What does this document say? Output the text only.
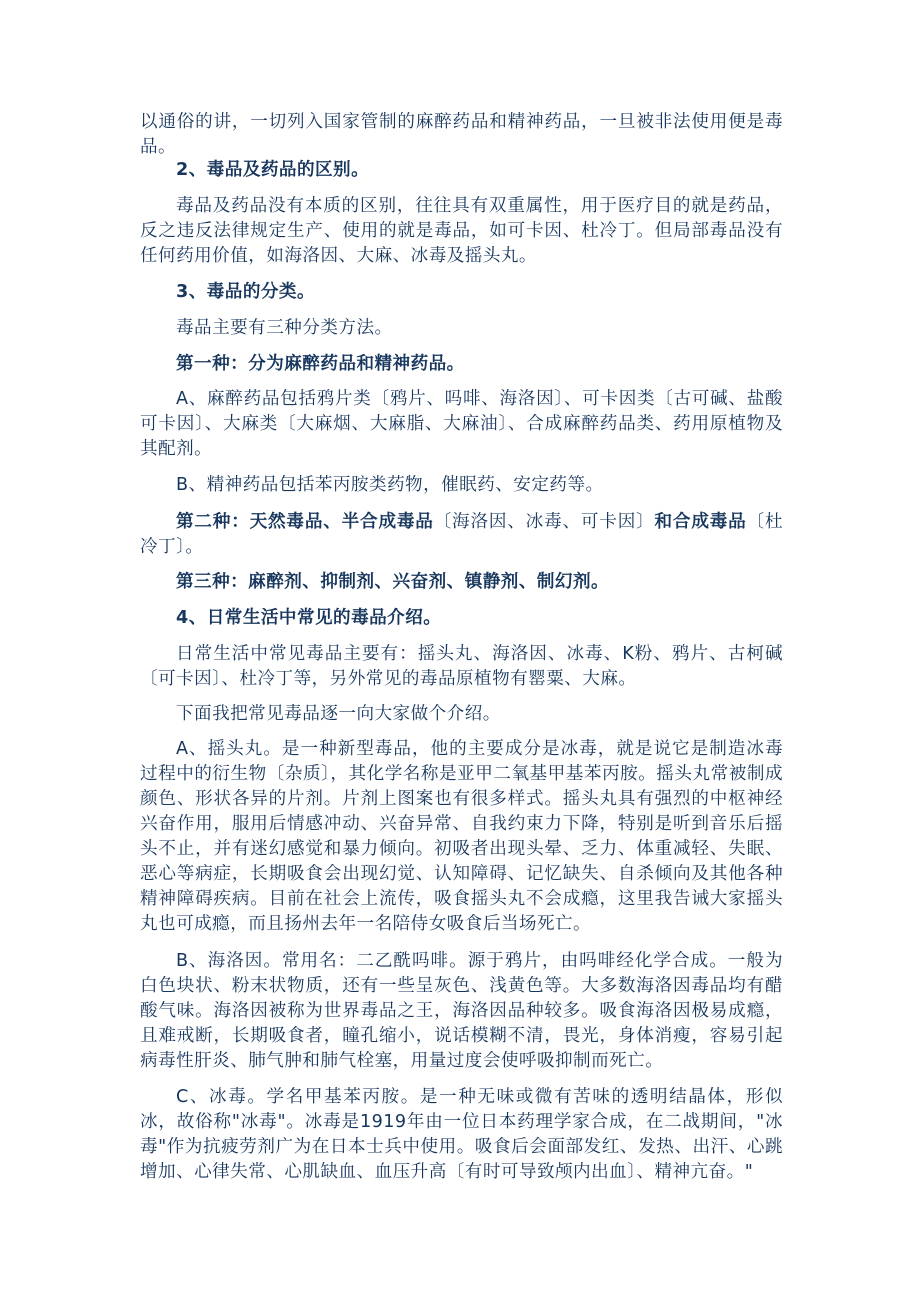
以通俗的讲，一切列入国家管制的麻醉药品和精神药品，一旦被非法使用便是毒品。

2、毒品及药品的区别。

毒品及药品没有本质的区别，往往具有双重属性，用于医疗目的就是药品，反之违反法律规定生产、使用的就是毒品，如可卡因、杜冷丁。但局部毒品没有任何药用价值，如海洛因、大麻、冰毒及摇头丸。

3、毒品的分类。

毒品主要有三种分类方法。

第一种：分为麻醉药品和精神药品。

A、麻醉药品包括鸦片类〔鸦片、吗啡、海洛因〕、可卡因类〔古可碱、盐酸可卡因〕、大麻类〔大麻烟、大麻脂、大麻油〕、合成麻醉药品类、药用原植物及其配剂。

B、精神药品包括苯丙胺类药物，催眠药、安定药等。

第二种：天然毒品、半合成毒品〔海洛因、冰毒、可卡因〕和合成毒品〔杜冷丁〕。

第三种：麻醉剂、抑制剂、兴奋剂、镇静剂、制幻剂。

4、日常生活中常见的毒品介绍。

日常生活中常见毒品主要有：摇头丸、海洛因、冰毒、K粉、鸦片、古柯碱〔可卡因〕、杜冷丁等，另外常见的毒品原植物有罂粟、大麻。

下面我把常见毒品逐一向大家做个介绍。

A、摇头丸。是一种新型毒品，他的主要成分是冰毒，就是说它是制造冰毒过程中的衍生物〔杂质〕，其化学名称是亚甲二氧基甲基苯丙胺。摇头丸常被制成颜色、形状各异的片剂。片剂上图案也有很多样式。摇头丸具有强烈的中枢神经兴奋作用，服用后情感冲动、兴奋异常、自我约束力下降，特别是听到音乐后摇头不止，并有迷幻感觉和暴力倾向。初吸者出现头晕、乏力、体重减轻、失眠、恶心等病症，长期吸食会出现幻觉、认知障碍、记忆缺失、自杀倾向及其他各种精神障碍疾病。目前在社会上流传，吸食摇头丸不会成瘾，这里我告诫大家摇头丸也可成瘾，而且扬州去年一名陪侍女吸食后当场死亡。

B、海洛因。常用名：二乙酰吗啡。源于鸦片，由吗啡经化学合成。一般为白色块状、粉末状物质，还有一些呈灰色、浅黄色等。大多数海洛因毒品均有醋酸气味。海洛因被称为世界毒品之王，海洛因品种较多。吸食海洛因极易成瘾，且难戒断，长期吸食者，瞳孔缩小，说话模糊不清，畏光，身体消瘦，容易引起病毒性肝炎、肺气肿和肺气栓塞，用量过度会使呼吸抑制而死亡。

C、冰毒。学名甲基苯丙胺。是一种无味或微有苦味的透明结晶体，形似冰，故俗称"冰毒"。冰毒是1919年由一位日本药理学家合成，在二战期间，"冰毒"作为抗疲劳剂广为在日本士兵中使用。吸食后会面部发红、发热、出汗、心跳增加、心律失常、心肌缺血、血压升高〔有时可导致颅内出血〕、精神亢奋。"
